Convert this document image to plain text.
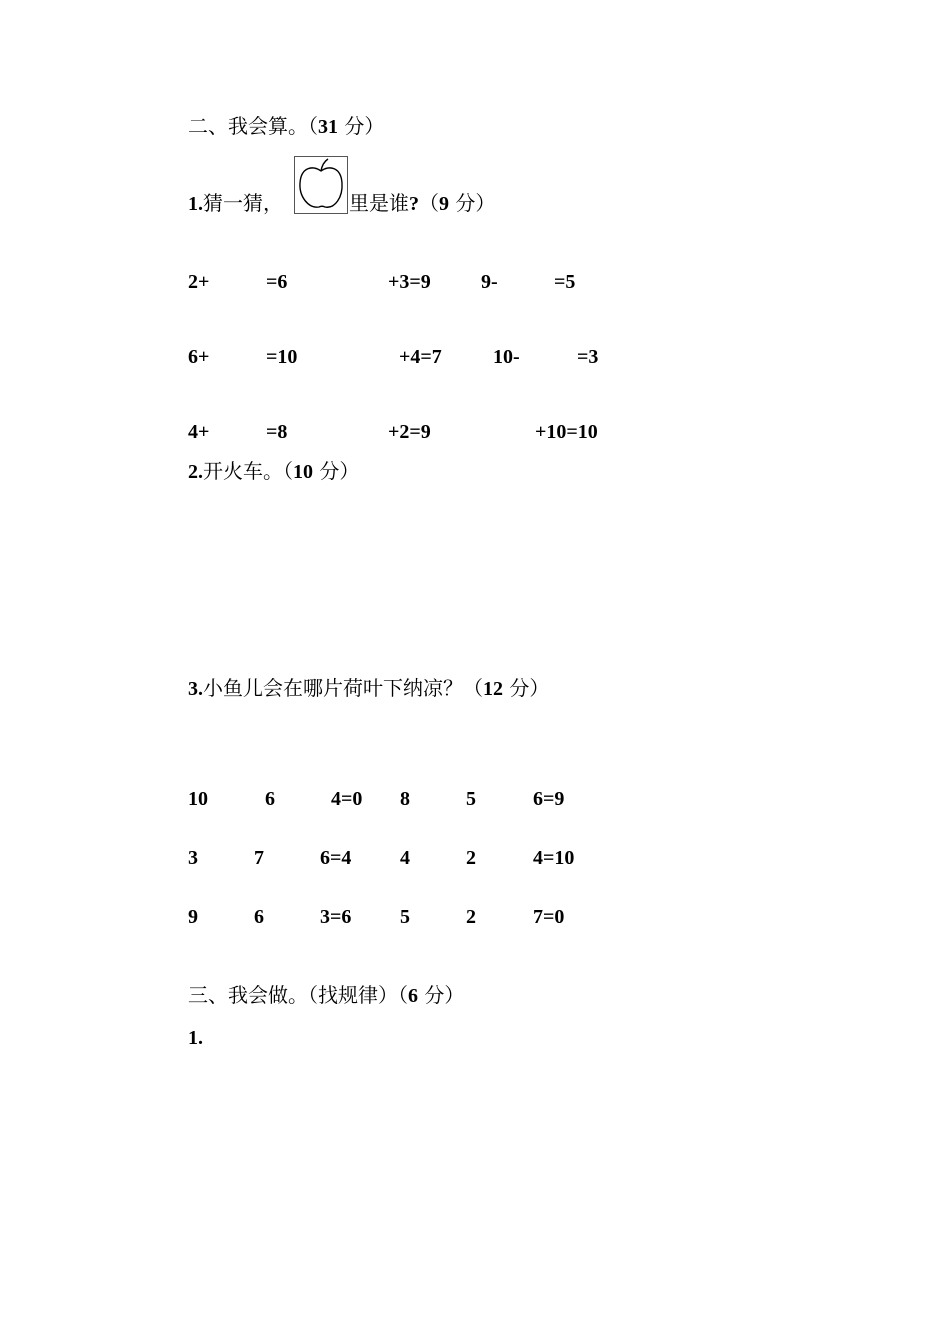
二、我会算。（31 分）
1.猜一猜，	里是谁?（9 分）
2+	=6	+3=9	9-	=5
6+	=10	+4=7	10-	=3
4+	=8	+2=9	+10=10
2.开火车。（10 分）
3.小鱼儿会在哪片荷叶下纳凉？（12 分）
10	6	4=0 8	5	6=9
3	7	6=4 4	2	4=10
9	6	3=6 5	2	7=0
三、我会做。（找规律）（6 分）
1.
